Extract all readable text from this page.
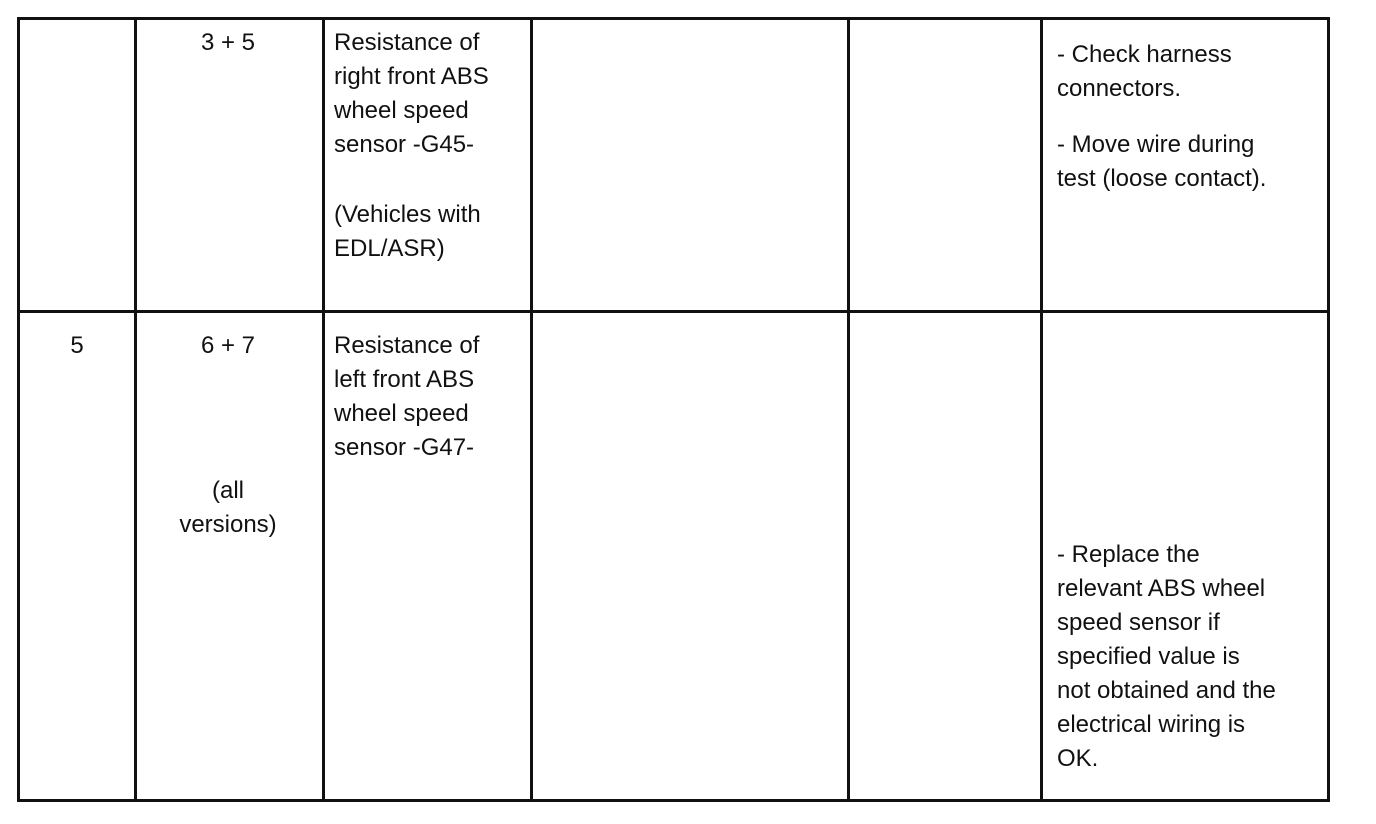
3 + 5	Resistance of
right front ABS
wheel speed
sensor -G45-
(Vehicles with
EDL/ASR)
- Check harness
connectors.
- Move wire during
test (loose contact).
5	6 + 7
(all
versions)
Resistance of
left front ABS
wheel speed
sensor -G47-
- Replace the
relevant ABS wheel
speed sensor if
specified value is
not obtained and the
electrical wiring is
OK.
